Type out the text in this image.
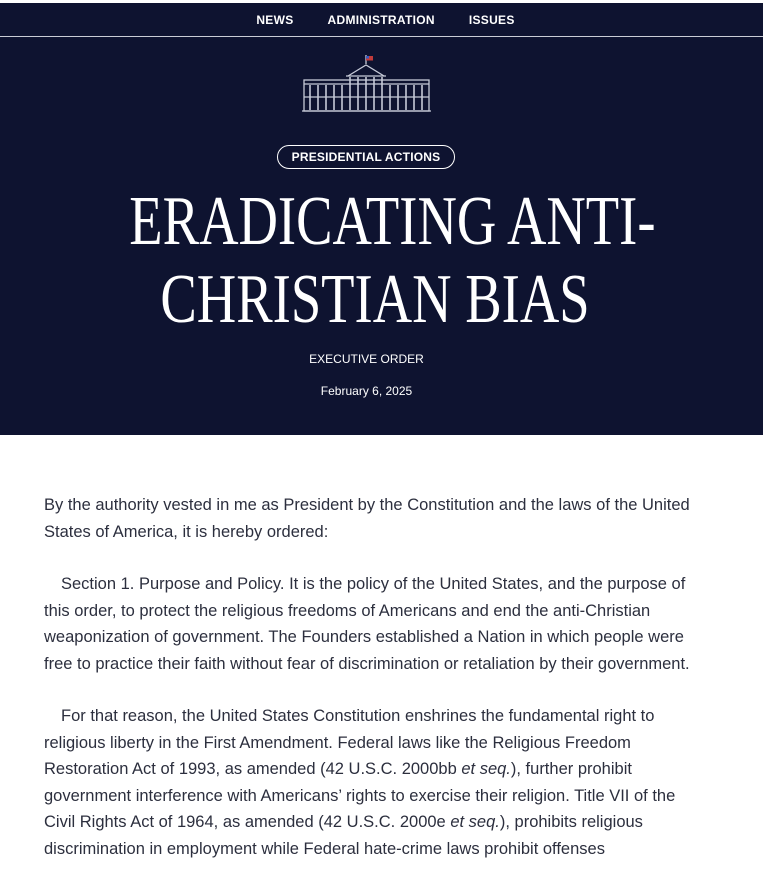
NEWS	ADMINISTRATION	ISSUES
PRESIDENTIAL ACTIONS
ERADICATING ANTI-
CHRISTIAN BIAS
EXECUTIVE ORDER
February 6, 2025

By the authority vested in me as President by the Constitution and the laws of the United States of America, it is hereby ordered:

Section 1. Purpose and Policy. It is the policy of the United States, and the purpose of this order, to protect the religious freedoms of Americans and end the anti-Christian weaponization of government. The Founders established a Nation in which people were free to practice their faith without fear of discrimination or retaliation by their government.

For that reason, the United States Constitution enshrines the fundamental right to religious liberty in the First Amendment. Federal laws like the Religious Freedom Restoration Act of 1993, as amended (42 U.S.C. 2000bb et seq.), further prohibit government interference with Americans’ rights to exercise their religion. Title VII of the Civil Rights Act of 1964, as amended (42 U.S.C. 2000e et seq.), prohibits religious discrimination in employment while Federal hate-crime laws prohibit offenses
